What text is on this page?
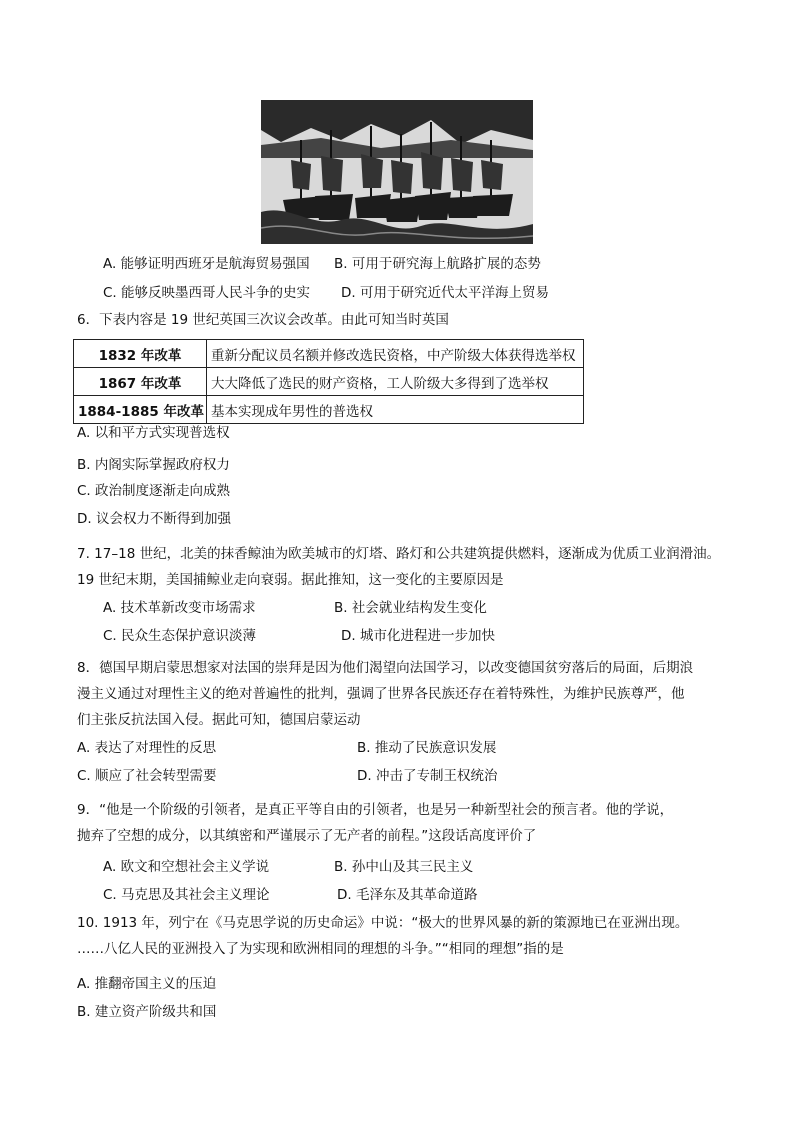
A. 能够证明西班牙是航海贸易强国 B. 可用于研究海上航路扩展的态势
C. 能够反映墨西哥人民斗争的史实 D. 可用于研究近代太平洋海上贸易
6．下表内容是 19 世纪英国三次议会改革。由此可知当时英国
1832 年改革	重新分配议员名额并修改选民资格，中产阶级大体获得选举权
1867 年改革	大大降低了选民的财产资格，工人阶级大多得到了选举权
1884-1885 年改革	基本实现成年男性的普选权
A. 以和平方式实现普选权
B. 内阁实际掌握政府权力
C. 政治制度逐渐走向成熟
D. 议会权力不断得到加强
7. 17–18 世纪，北美的抹香鲸油为欧美城市的灯塔、路灯和公共建筑提供燃料，逐渐成为优质工业润滑油。
19 世纪末期，美国捕鲸业走向衰弱。据此推知，这一变化的主要原因是
A. 技术革新改变市场需求	B. 社会就业结构发生变化
C. 民众生态保护意识淡薄	D. 城市化进程进一步加快
8．德国早期启蒙思想家对法国的崇拜是因为他们渴望向法国学习，以改变德国贫穷落后的局面，后期浪
漫主义通过对理性主义的绝对普遍性的批判，强调了世界各民族还存在着特殊性，为维护民族尊严，他
们主张反抗法国入侵。据此可知，德国启蒙运动
A. 表达了对理性的反思	B. 推动了民族意识发展
C. 顺应了社会转型需要	D. 冲击了专制王权统治
9．“他是一个阶级的引领者，是真正平等自由的引领者，也是另一种新型社会的预言者。他的学说，
抛弃了空想的成分，以其缜密和严谨展示了无产者的前程。”这段话高度评价了
A. 欧文和空想社会主义学说	B. 孙中山及其三民主义
C. 马克思及其社会主义理论	D. 毛泽东及其革命道路
10. 1913 年，列宁在《马克思学说的历史命运》中说：“极大的世界风暴的新的策源地已在亚洲出现。
……八亿人民的亚洲投入了为实现和欧洲相同的理想的斗争。”“相同的理想”指的是
A. 推翻帝国主义的压迫
B. 建立资产阶级共和国
